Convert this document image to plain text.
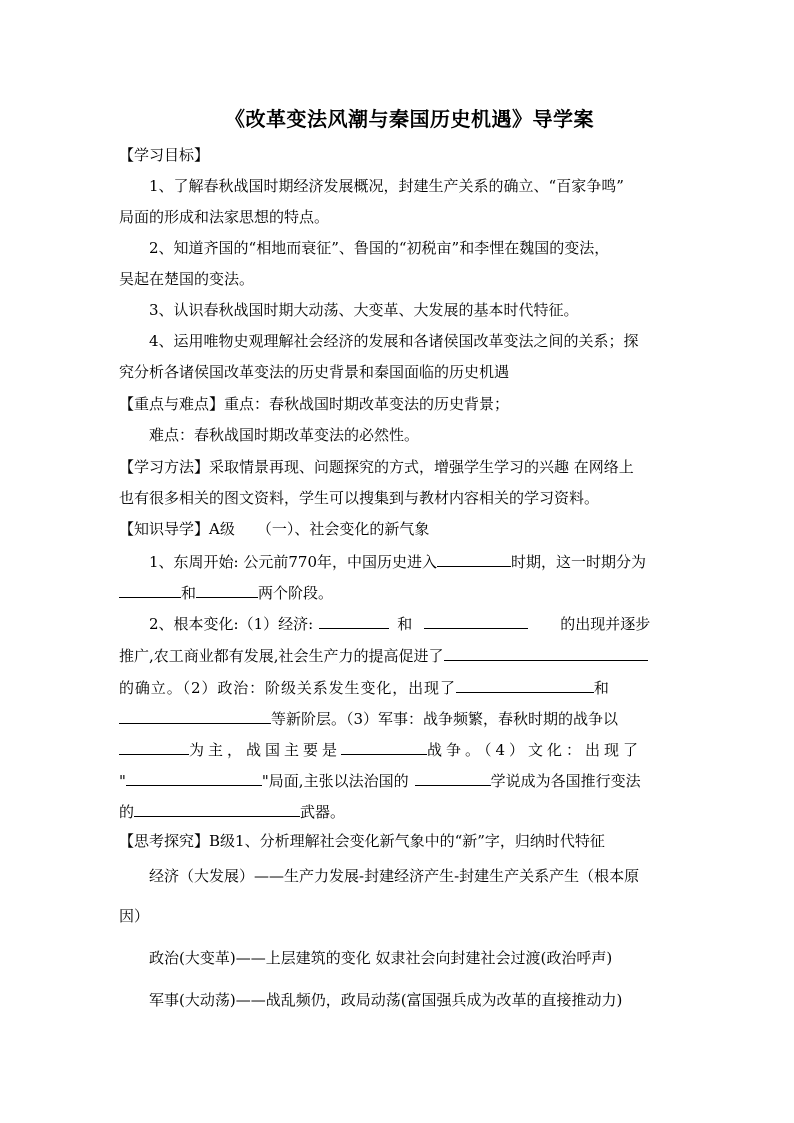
《改革变法风潮与秦国历史机遇》导学案
【学习目标】
1、了解春秋战国时期经济发展概况，封建生产关系的确立、“百家争鸣”
局面的形成和法家思想的特点。
2、知道齐国的“相地而衰征”、鲁国的“初税亩”和李悝在魏国的变法，
吴起在楚国的变法。
3、认识春秋战国时期大动荡、大变革、大发展的基本时代特征。
4、运用唯物史观理解社会经济的发展和各诸侯国改革变法之间的关系；探
究分析各诸侯国改革变法的历史背景和秦国面临的历史机遇
【重点与难点】重点：春秋战国时期改革变法的历史背景；
难点：春秋战国时期改革变法的必然性。
【学习方法】采取情景再现、问题探究的方式，增强学生学习的兴趣 在网络上
也有很多相关的图文资料，学生可以搜集到与教材内容相关的学习资料。
【知识导学】A级 （一）、社会变化的新气象
1、东周开始: 公元前770年，中国历史进入	时期，这一时期分为
和	两个阶段。
2、根本变化:（1）经济:	和	的出现并逐步
推广,农工商业都有发展,社会生产力的提高促进了
的确立。（2）政治：阶级关系发生变化，出现了	和
等新阶层。（3）军事：战争频繁，春秋时期的战争以
为主，战国主要是	战争。（4）文化：出现了
"	"局面,主张以法治国的	学说成为各国推行变法
的	武器。
【思考探究】B级1、分析理解社会变化新气象中的“新”字，归纳时代特征
经济（大发展）——生产力发展-封建经济产生-封建生产关系产生（根本原
因）
政治(大变革)——上层建筑的变化 奴隶社会向封建社会过渡(政治呼声)
军事(大动荡)——战乱频仍，政局动荡(富国强兵成为改革的直接推动力)
